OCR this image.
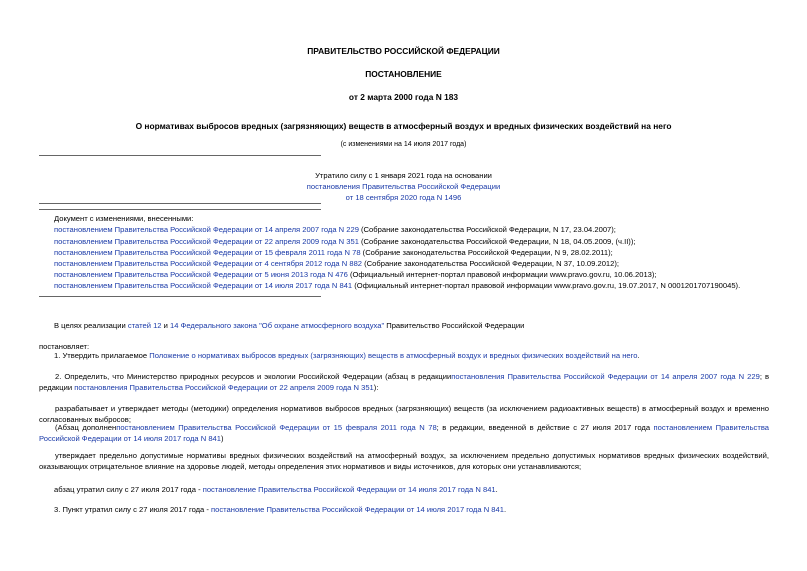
ПРАВИТЕЛЬСТВО РОССИЙСКОЙ ФЕДЕРАЦИИ
ПОСТАНОВЛЕНИЕ
от 2 марта 2000 года N 183
О нормативах выбросов вредных (загрязняющих) веществ в атмосферный воздух и вредных физических воздействий на него
(с изменениями на 14 июля 2017 года)
Утратило силу с 1 января 2021 года на основании
постановления Правительства Российской Федерации
от 18 сентября 2020 года N 1496
Документ с изменениями, внесенными:
постановлением Правительства Российской Федерации от 14 апреля 2007 года N 229 (Собрание законодательства Российской Федерации, N 17, 23.04.2007);
постановлением Правительства Российской Федерации от 22 апреля 2009 года N 351 (Собрание законодательства Российской Федерации, N 18, 04.05.2009, (ч.II));
постановлением Правительства Российской Федерации от 15 февраля 2011 года N 78 (Собрание законодательства Российской Федерации, N 9, 28.02.2011);
постановлением Правительства Российской Федерации от 4 сентября 2012 года N 882 (Собрание законодательства Российской Федерации, N 37, 10.09.2012);
постановлением Правительства Российской Федерации от 5 июня 2013 года N 476 (Официальный интернет-портал правовой информации www.pravo.gov.ru, 10.06.2013);
постановлением Правительства Российской Федерации от 14 июля 2017 года N 841 (Официальный интернет-портал правовой информации www.pravo.gov.ru, 19.07.2017, N 0001201707190045).
В целях реализации статей 12 и 14 Федерального закона "Об охране атмосферного воздуха" Правительство Российской Федерации
постановляет:
1. Утвердить прилагаемое Положение о нормативах выбросов вредных (загрязняющих) веществ в атмосферный воздух и вредных физических воздействий на него.
2. Определить, что Министерство природных ресурсов и экологии Российской Федерации (абзац в редакциипостановления Правительства Российской Федерации от 14 апреля 2007 года N 229; в редакции постановления Правительства Российской Федерации от 22 апреля 2009 года N 351):
разрабатывает и утверждает методы (методики) определения нормативов выбросов вредных (загрязняющих) веществ (за исключением радиоактивных веществ) в атмосферный воздух и временно согласованных выбросов;
(Абзац дополненпостановлением Правительства Российской Федерации от 15 февраля 2011 года N 78; в редакции, введенной в действие с 27 июля 2017 года постановлением Правительства Российской Федерации от 14 июля 2017 года N 841)
утверждает предельно допустимые нормативы вредных физических воздействий на атмосферный воздух, за исключением предельно допустимых нормативов вредных физических воздействий, оказывающих отрицательное влияние на здоровье людей, методы определения этих нормативов и виды источников, для которых они устанавливаются;
абзац утратил силу с 27 июля 2017 года - постановление Правительства Российской Федерации от 14 июля 2017 года N 841.
3. Пункт утратил силу с 27 июля 2017 года - постановление Правительства Российской Федерации от 14 июля 2017 года N 841.
